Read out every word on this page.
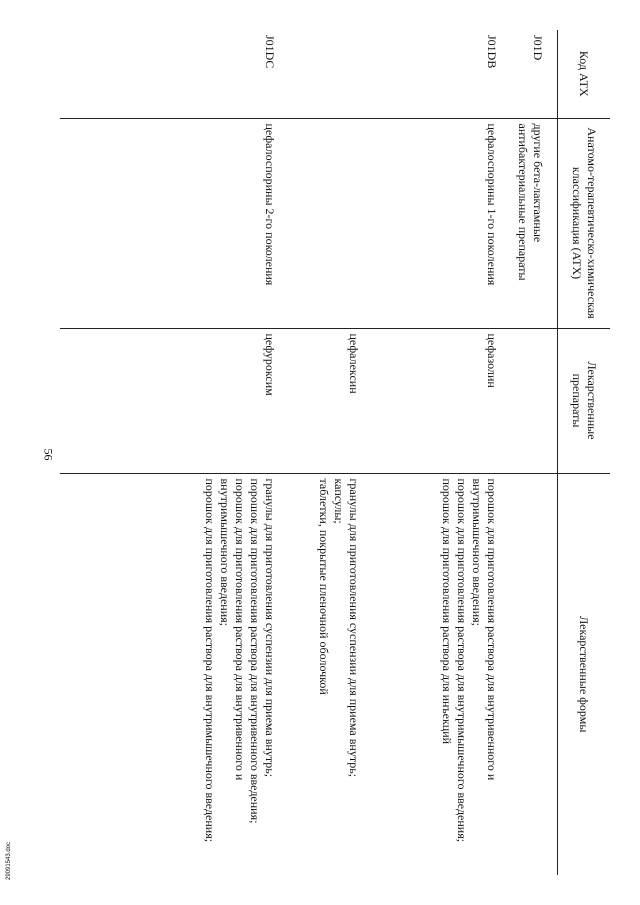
56
Код АТХ	Анатомо-терапевтическо-химическая классификация (АТХ)	Лекарственные препараты	Лекарственные формы
J01D	другие бета-лактамные антибактериальные препараты		
J01DB	цефалоспорины 1-го поколения	цефазолин	порошок для приготовления раствора для внутривенного и внутримышечного введения;
порошок для приготовления раствора для внутримышечного введения;
порошок для приготовления раствора для инъекций

		цефалексин	гранулы для приготовления суспензии для приема внутрь;
капсулы;
таблетки, покрытые пленочной оболочкой

J01DC	цефалоспорины 2-го поколения	цефуроксим	гранулы для приготовления суспензии для приема внутрь;
порошок для приготовления раствора для внутривенного введения;
порошок для приготовления раствора для внутривенного и внутримышечного введения;
порошок для приготовления раствора для внутримышечного введения;
29091543.doc
